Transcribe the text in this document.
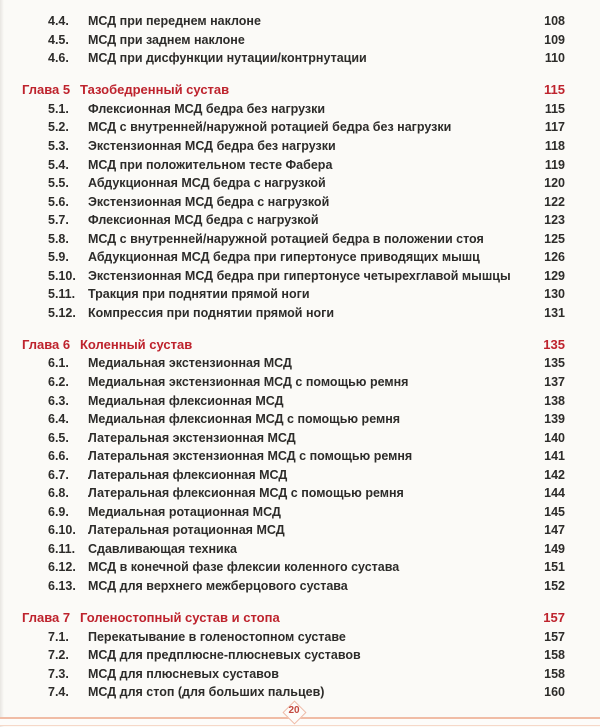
4.4.	МСД при переднем наклоне	108
4.5.	МСД при заднем наклоне	109
4.6.	МСД при дисфункции нутации/контрнутации	110
Глава 5 Тазобедренный сустав	115
5.1.	Флексионная МСД бедра без нагрузки	115
5.2.	МСД с внутренней/наружной ротацией бедра без нагрузки	117
5.3.	Экстензионная МСД бедра без нагрузки	118
5.4.	МСД при положительном тесте Фабера	119
5.5.	Абдукционная МСД бедра с нагрузкой	120
5.6.	Экстензионная МСД бедра с нагрузкой	122
5.7.	Флексионная МСД бедра с нагрузкой	123
5.8.	МСД с внутренней/наружной ротацией бедра в положении стоя	125
5.9.	Абдукционная МСД бедра при гипертонусе приводящих мышц	126
5.10. Экстензионная МСД бедра при гипертонусе четырехглавой мышцы	129
5.11.	Тракция при поднятии прямой ноги	130
5.12. Компрессия при поднятии прямой ноги	131
Глава 6 Коленный сустав	135
6.1.	Медиальная экстензионная МСД	135
6.2.	Медиальная экстензионная МСД с помощью ремня	137
6.3.	Медиальная флексионная МСД	138
6.4.	Медиальная флексионная МСД с помощью ремня	139
6.5.	Латеральная экстензионная МСД	140
6.6.	Латеральная экстензионная МСД с помощью ремня	141
6.7.	Латеральная флексионная МСД	142
6.8.	Латеральная флексионная МСД с помощью ремня	144
6.9.	Медиальная ротационная МСД	145
6.10. Латеральная ротационная МСД	147
6.11.	Сдавливающая техника	149
6.12. МСД в конечной фазе флексии коленного сустава	151
6.13. МСД для верхнего межберцового сустава	152
Глава 7 Голеностопный сустав и стопа	157
7.1.	Перекатывание в голеностопном суставе	157
7.2.	МСД для предплюсне-плюсневых суставов	158
7.3.	МСД для плюсневых суставов	158
7.4.	МСД для стоп (для больших пальцев)	160
20
